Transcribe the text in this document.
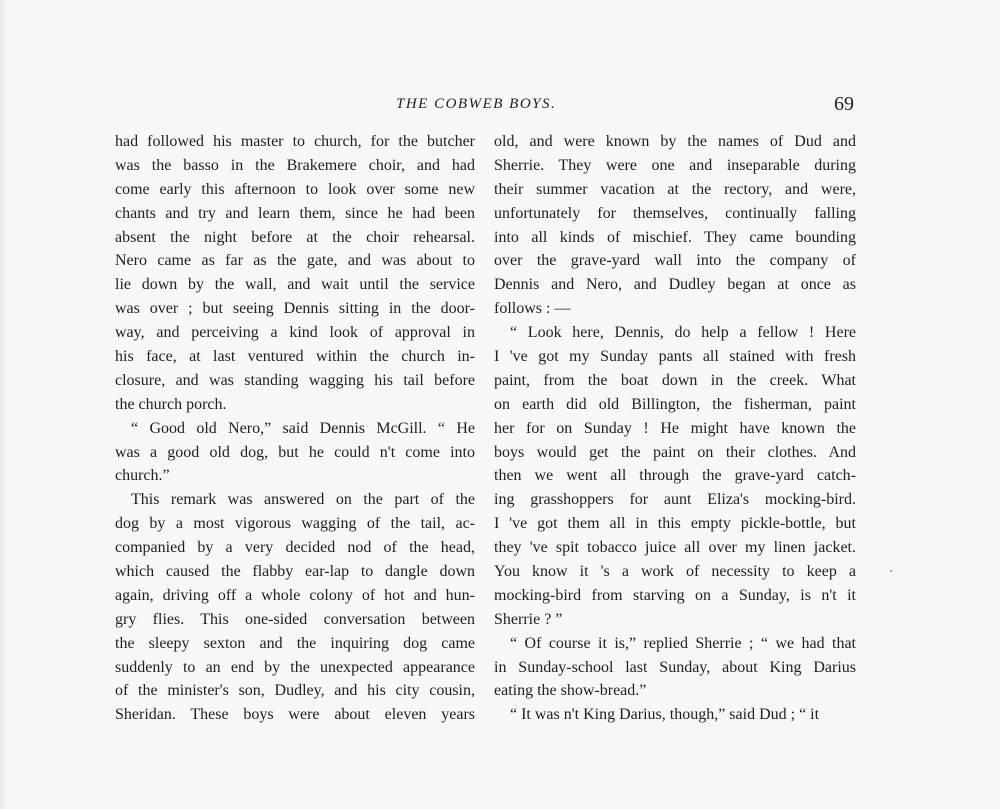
THE COBWEB BOYS.	69
had followed his master to church, for the butcher
was the basso in the Brakemere choir, and had
come early this afternoon to look over some new
chants and try and learn them, since he had been
absent the night before at the choir rehearsal.
Nero came as far as the gate, and was about to
lie down by the wall, and wait until the service
was over ; but seeing Dennis sitting in the door-
way, and perceiving a kind look of approval in
his face, at last ventured within the church in-
closure, and was standing wagging his tail before
the church porch.
“ Good old Nero,” said Dennis McGill. “ He
was a good old dog, but he could n't come into
church.”
This remark was answered on the part of the
dog by a most vigorous wagging of the tail, ac-
companied by a very decided nod of the head,
which caused the flabby ear-lap to dangle down
again, driving off a whole colony of hot and hun-
gry flies. This one-sided conversation between
the sleepy sexton and the inquiring dog came
suddenly to an end by the unexpected appearance
of the minister's son, Dudley, and his city cousin,
Sheridan. These boys were about eleven years
old, and were known by the names of Dud and
Sherrie. They were one and inseparable during
their summer vacation at the rectory, and were,
unfortunately for themselves, continually falling
into all kinds of mischief. They came bounding
over the grave-yard wall into the company of
Dennis and Nero, and Dudley began at once as
follows : —
“ Look here, Dennis, do help a fellow ! Here
I 've got my Sunday pants all stained with fresh
paint, from the boat down in the creek. What
on earth did old Billington, the fisherman, paint
her for on Sunday ! He might have known the
boys would get the paint on their clothes. And
then we went all through the grave-yard catch-
ing grasshoppers for aunt Eliza's mocking-bird.
I 've got them all in this empty pickle-bottle, but
they 've spit tobacco juice all over my linen jacket.
You know it 's a work of necessity to keep a
mocking-bird from starving on a Sunday, is n't it
Sherrie ? ”
“ Of course it is,” replied Sherrie ; “ we had that
in Sunday-school last Sunday, about King Darius
eating the show-bread.”
“ It was n't King Darius, though,” said Dud ; “ it
